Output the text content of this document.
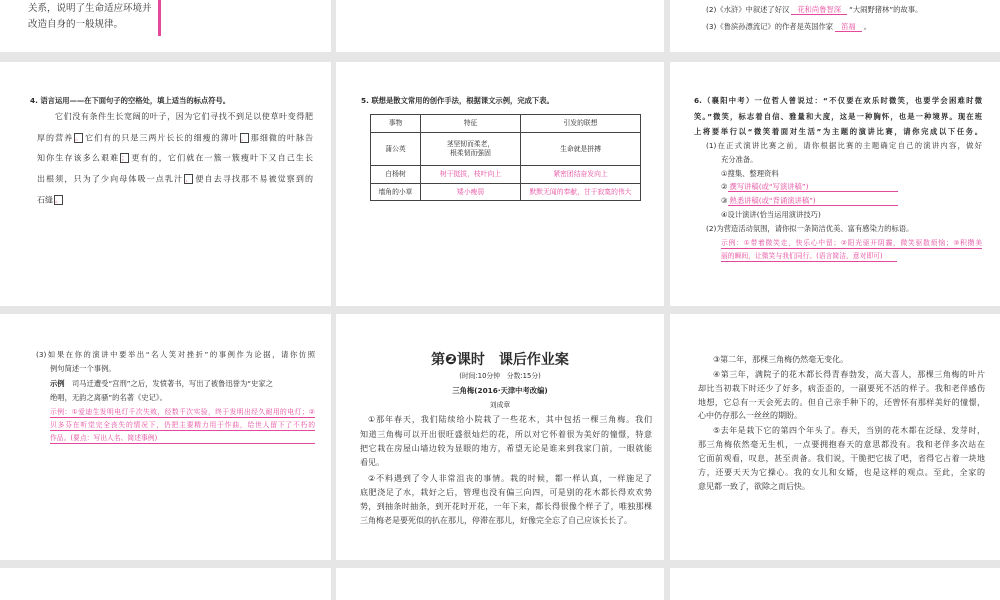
关系，说明了生命适应环境并
改造自身的一般规律。
(2)《水浒》中叙述了好汉 花和尚鲁智深 “大闹野猪林”的故事。
(3)《鲁滨孙漂流记》的作者是英国作家 笛福 。
4. 语言运用——在下面句子的空格处，填上适当的标点符号。
它们没有条件生长宽阔的叶子，因为它们寻找不到足以使草叶变得肥
厚的营养 。 它们有的只是三两片长长的细瘦的薄叶 ， 那细微的叶脉告
知你生存该多么艰难 ； 更有的，它们就在一簇一簇瘦叶下又自己生长
出根须，只为了少向母体吸一点乳汁 ， 便自去寻找那不易被觉察到的
石缝 。
5. 联想是散文常用的创作手法，根据课文示例，完成下表。
事物	特征	引发的联想
蒲公英	茎坚韧而柔老，
根柔韧而强固	生命就是拼搏
白杨树	树干挺拔，枝叶向上	紧密团结奋发向上
墙角的小草	矮小瘦弱	默默无闻的奉献，甘于寂寞的伟大
6.（襄阳中考）一位哲人曾说过：“不仅要在欢乐时微笑，也要学会困难时微
笑。”微笑，标志着自信、雅量和大度，这是一种胸怀，也是一种境界。现在班
上将要举行以“微笑着面对生活”为主题的演讲比赛，请你完成以下任务。
(1)在正式演讲比赛之前，请你根据比赛的主题确定自己的演讲内容，做好
充分准备。
①搜集、整理资料
② 撰写讲稿(或“写演讲稿”)
③ 熟悉讲稿(或“背诵演讲稿”)
④设计演讲(恰当运用演讲技巧)
(2)为营造活动氛围，请你拟一条简洁优美、富有感染力的标语。
示例：①带着微笑走，快乐心中留；②阳光驱开阴霾，微笑驱散烦恼；③积攒美
丽的瞬间，让微笑与我们同行。(语言简洁，意对即可)
(3)如果在你的演讲中要举出“名人笑对挫折”的事例作为论据，请你仿照
例句简述一个事例。
示例　 司马迁遭受“宫刑”之后，发愤著书，写出了被鲁迅誉为“史家之
绝唱，无韵之离骚”的名著《史记》。
示例：①爱迪生发明电灯千次失败，经数千次实验，终于发明出经久耐用的电灯；②
贝多芬在听觉完全丧失的情况下，仍把主要精力用于作曲，给世人留下了不朽的
作品。(要点：写出人名、简述事例)
第❷课时　课后作业案
(时间:10分钟　分数:15分)
三角梅(2016·天津中考改编)
刘成章
①那年春天，我们陆续给小院栽了一些花木，其中包括一棵三角梅。我们
知道三角梅可以开出很旺盛很灿烂的花，所以对它怀着很为美好的憧憬，特意
把它栽在房屋山墙边较为显眼的地方，希望无论是谁来到我家门前，一眼就能
看见。
②不料遇到了令人非常沮丧的事情。栽的时候，都一样认真，一样施足了
底肥浇足了水，栽好之后，管理也没有偏三向四，可是别的花木都长得欢欢势
势，到抽条时抽条，到开花时开花，一年下来，都长得很像个样子了，唯独那棵
三角梅老是要死似的扒在那儿，停滞在那儿，好像完全忘了自己应该长长了。
③第二年，那棵三角梅仍然毫无变化。
④第三年，满院子的花木都长得青春勃发，高大喜人，那棵三角梅的叶片
却比当初栽下时还少了好多，病歪歪的，一副要死不活的样子。我和老伴感伤
地想，它总有一天会死去的。但自己亲手种下的，还曾怀有那样美好的憧憬，
心中仍存那么一丝丝的期盼。
⑤去年是栽下它的第四个年头了。春天，当别的花木都在泛绿、发芽时，
那三角梅依然毫无生机，一点要拥抱春天的意思都没有。我和老伴多次站在
它面前观看，叹息，甚至责备。我们说，干脆把它拔了吧，省得它占着一块地
方，还要天天为它操心。我的女儿和女婿，也是这样的观点。至此，全家的
意见都一致了，欲除之而后快。
